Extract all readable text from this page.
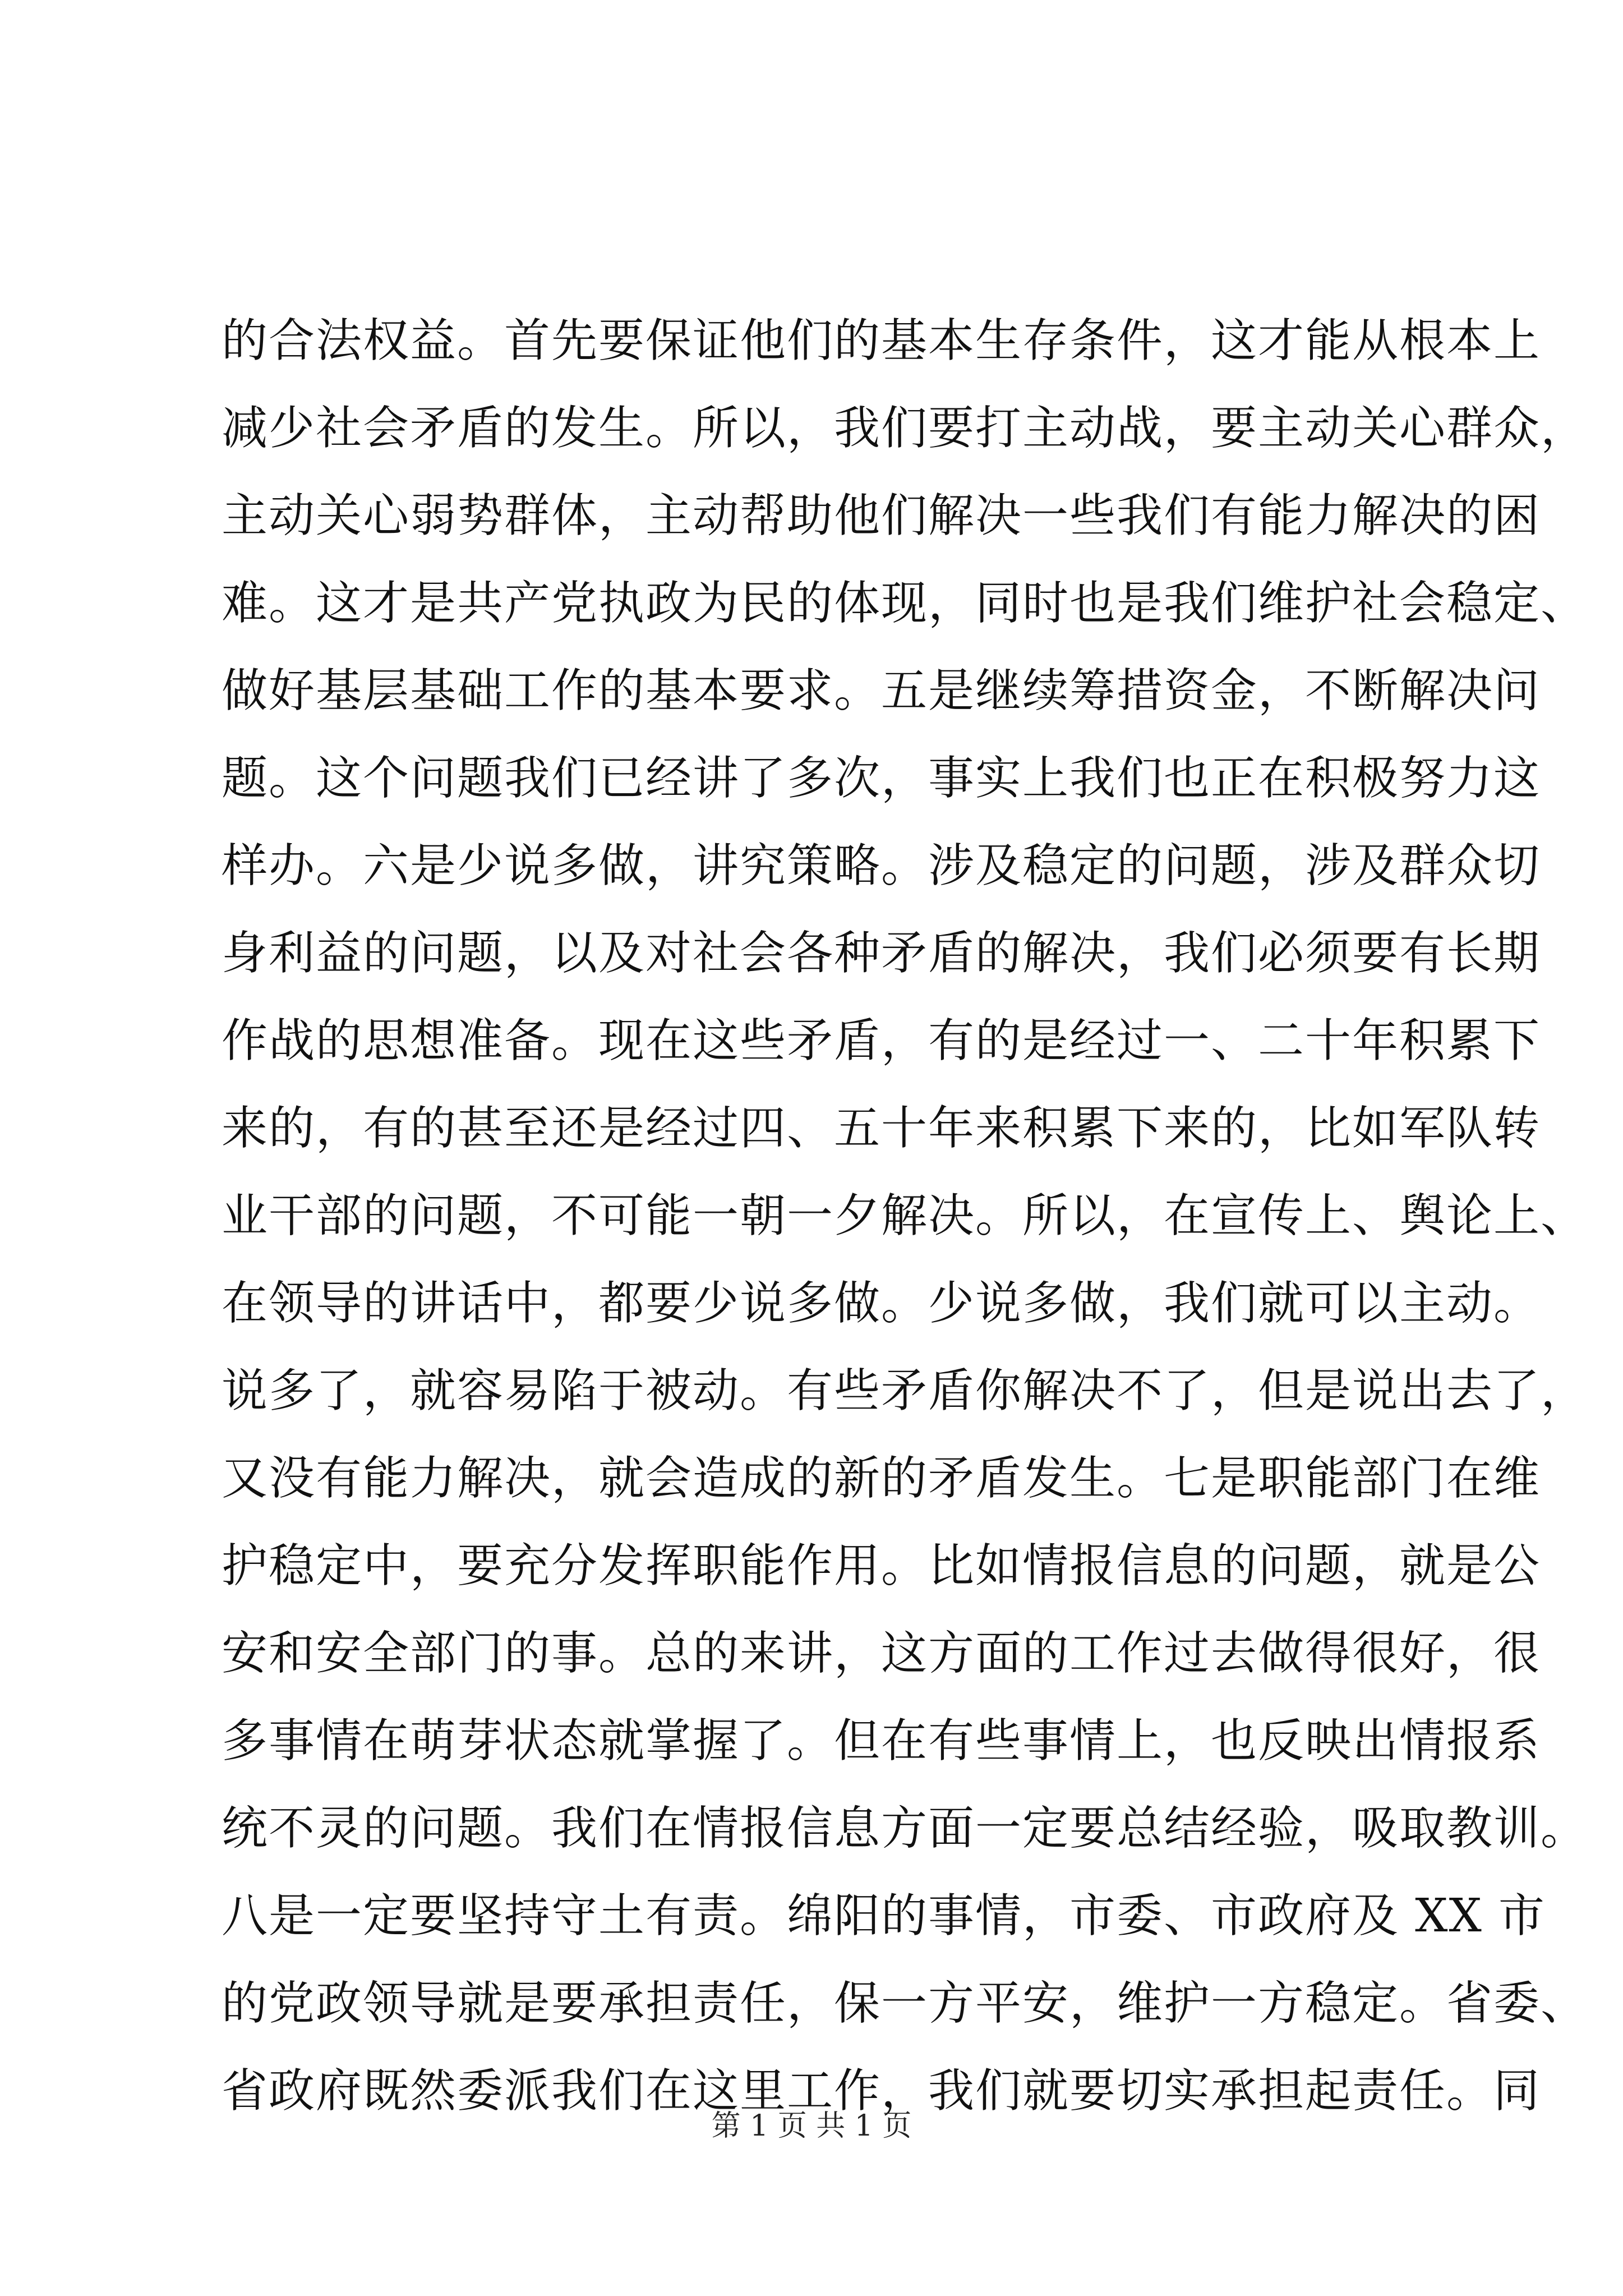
的合法权益。首先要保证他们的基本生存条件，这才能从根本上
减少社会矛盾的发生。所以，我们要打主动战，要主动关心群众，
主动关心弱势群体，主动帮助他们解决一些我们有能力解决的困
难。这才是共产党执政为民的体现，同时也是我们维护社会稳定、
做好基层基础工作的基本要求。五是继续筹措资金，不断解决问
题。这个问题我们已经讲了多次，事实上我们也正在积极努力这
样办。六是少说多做，讲究策略。涉及稳定的问题，涉及群众切
身利益的问题，以及对社会各种矛盾的解决，我们必须要有长期
作战的思想准备。现在这些矛盾，有的是经过一、二十年积累下
来的，有的甚至还是经过四、五十年来积累下来的，比如军队转
业干部的问题，不可能一朝一夕解决。所以，在宣传上、舆论上、
在领导的讲话中，都要少说多做。少说多做，我们就可以主动。
说多了，就容易陷于被动。有些矛盾你解决不了，但是说出去了，
又没有能力解决，就会造成的新的矛盾发生。七是职能部门在维
护稳定中，要充分发挥职能作用。比如情报信息的问题，就是公
安和安全部门的事。总的来讲，这方面的工作过去做得很好，很
多事情在萌芽状态就掌握了。但在有些事情上，也反映出情报系
统不灵的问题。我们在情报信息方面一定要总结经验，吸取教训。
八是一定要坚持守土有责。绵阳的事情，市委、市政府及 XX 市
的党政领导就是要承担责任，保一方平安，维护一方稳定。省委、
省政府既然委派我们在这里工作，我们就要切实承担起责任。同
第 1 页 共 1 页
